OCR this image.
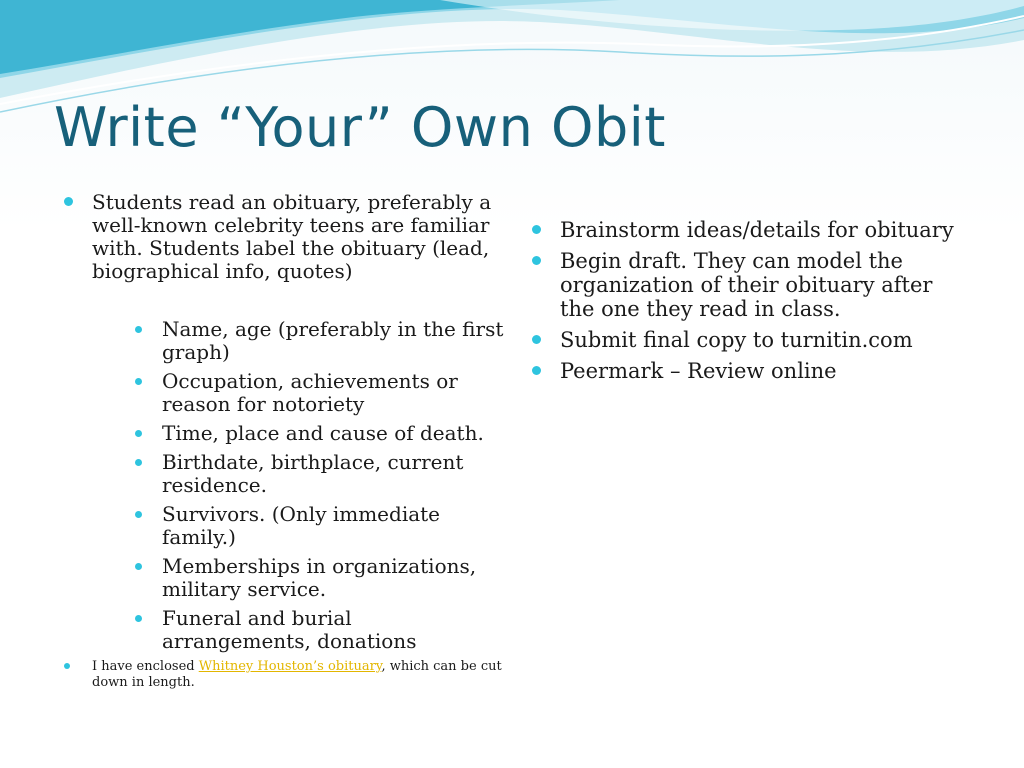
Write “Your” Own Obit
Students read an obituary, preferably a well-known celebrity teens are familiar with. Students label the obituary (lead, biographical info, quotes)
Name, age (preferably in the first graph)
Occupation, achievements or reason for notoriety
Time, place and cause of death.
Birthdate, birthplace, current residence.
Survivors. (Only immediate family.)
Memberships in organizations, military service.
Funeral and burial arrangements, donations
I have enclosed Whitney Houston’s obituary, which can be cut down in length.
Brainstorm ideas/details for obituary
Begin draft. They can model the organization of their obituary after the one they read in class.
Submit final copy to turnitin.com
Peermark – Review online
